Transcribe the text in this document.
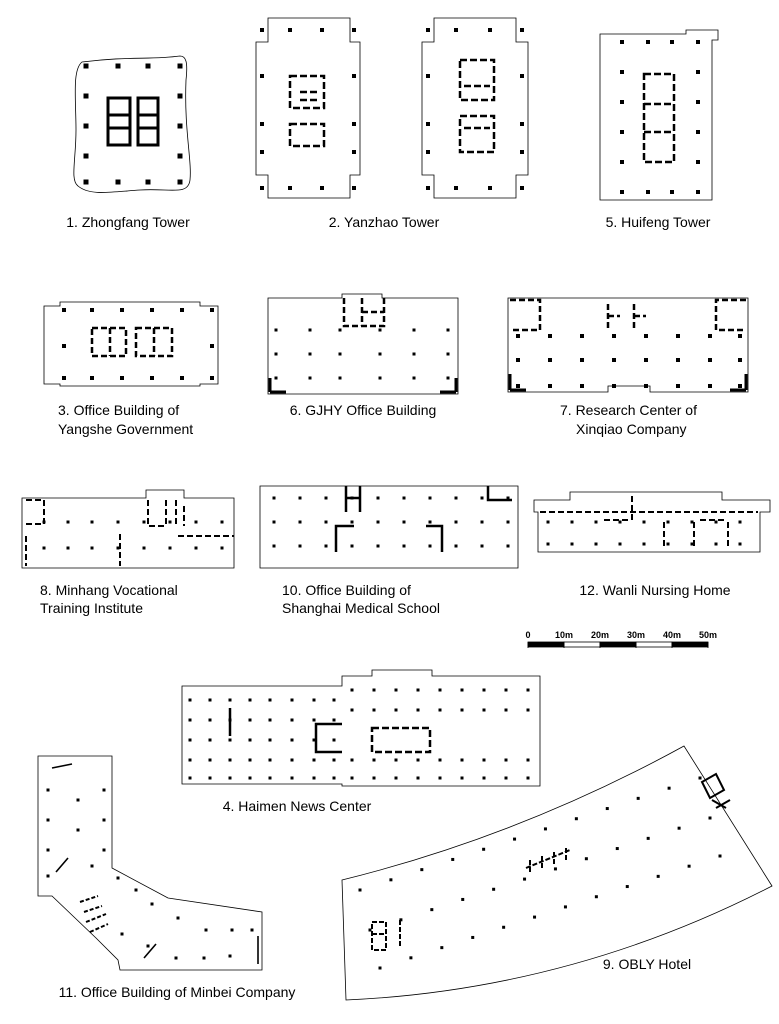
1. Zhongfang Tower	2. Yanzhao Tower	5. Huifeng Tower
3. Office Building of
Yangshe Government
6. GJHY Office Building	7. Research Center of
Xinqiao Company
8. Minhang Vocational
Training Institute
10. Office Building of
Shanghai Medical School
12. Wanli Nursing Home
4. Haimen News Center
11. Office Building of Minbei Company
9. OBLY Hotel
0	10m 20m 30m 40m 50m
